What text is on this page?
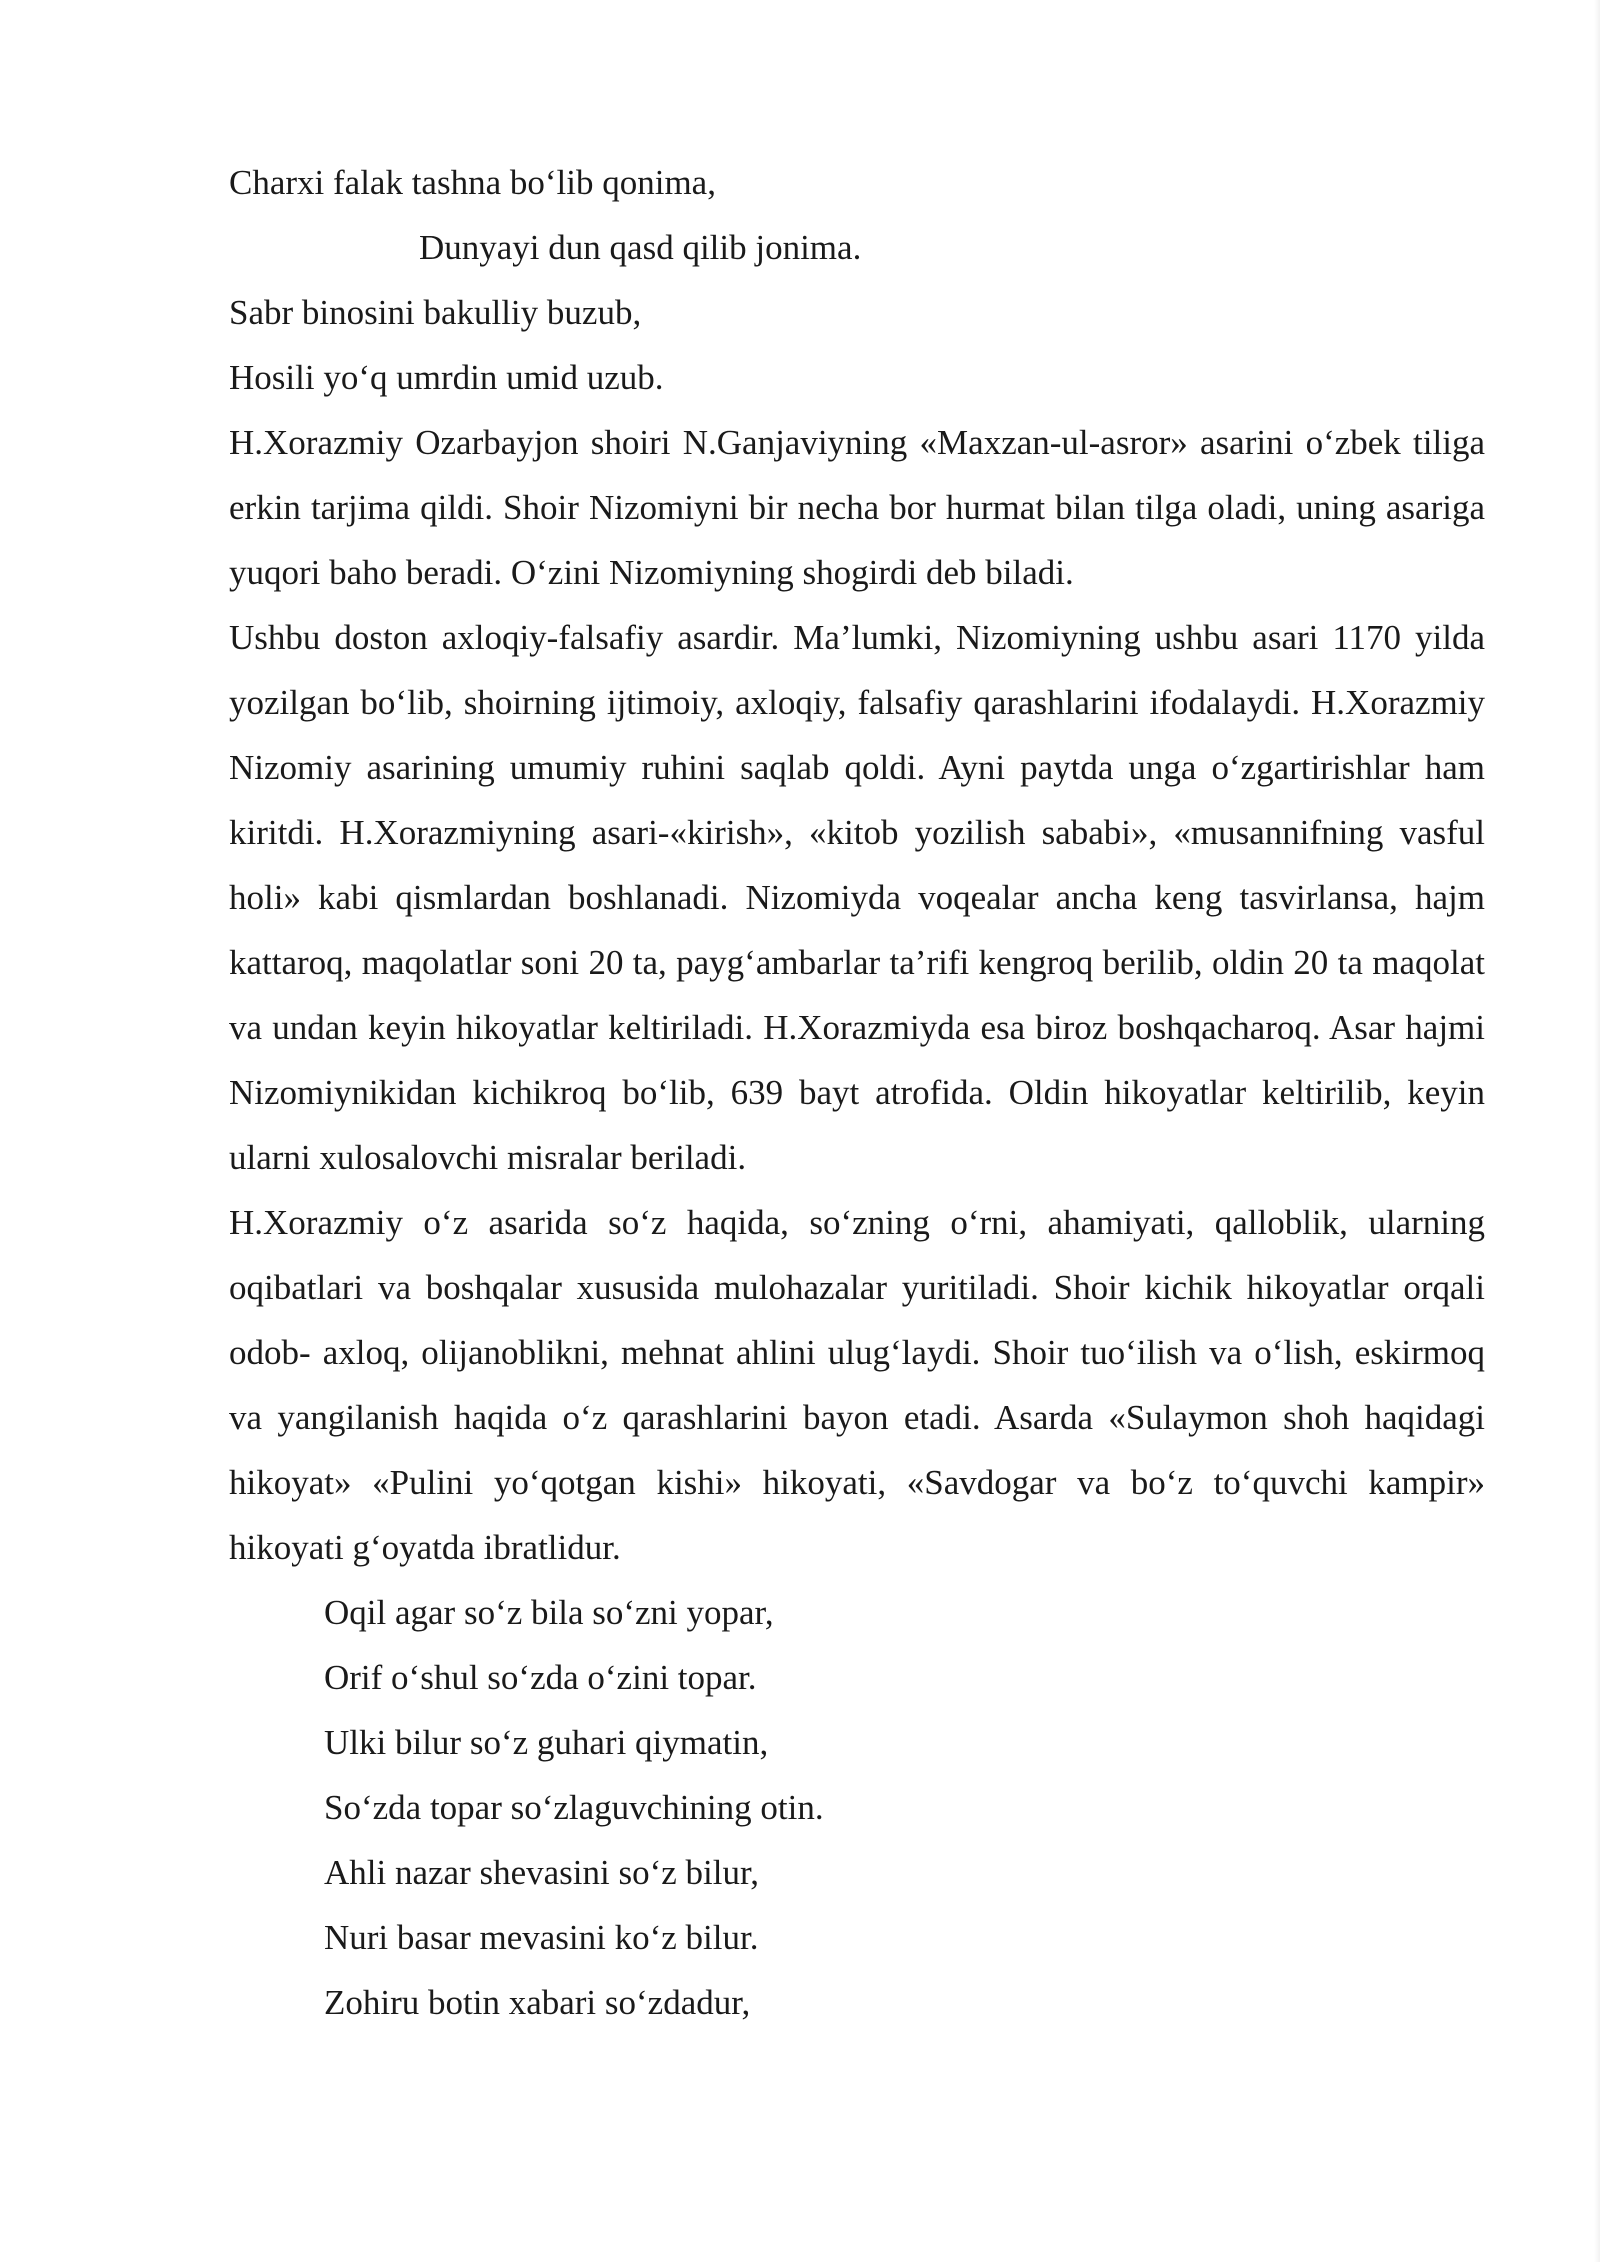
Charxi falak tashna bo‘lib qonima,

Dunyayi dun qasd qilib jonima.

Sabr binosini bakulliy buzub,

Hosili yo‘q umrdin umid uzub.

H.Xorazmiy Ozarbayjon shoiri N.Ganjaviyning «Maxzan-ul-asror» asarini o‘zbek tiliga erkin tarjima qildi. Shoir Nizomiyni bir necha bor hurmat bilan tilga oladi, uning asariga yuqori baho beradi. O‘zini Nizomiyning shogirdi deb biladi.

Ushbu doston axloqiy-falsafiy asardir. Ma’lumki, Nizomiyning ushbu asari 1170 yilda yozilgan bo‘lib, shoirning ijtimoiy, axloqiy, falsafiy qarashlarini ifodalaydi. H.Xorazmiy Nizomiy asarining umumiy ruhini saqlab qoldi. Ayni paytda unga o‘zgartirishlar ham kiritdi. H.Xorazmiyning asari-«kirish», «kitob yozilish sababi», «musannifning vasful holi» kabi qismlardan boshlanadi. Nizomiyda voqealar ancha keng tasvirlansa, hajm kattaroq, maqolatlar soni 20 ta, payg‘ambarlar ta’rifi kengroq berilib, oldin 20 ta maqolat va undan keyin hikoyatlar keltiriladi. H.Xorazmiyda esa biroz boshqacharoq. Asar hajmi Nizomiynikidan kichikroq bo‘lib, 639 bayt atrofida. Oldin hikoyatlar keltirilib, keyin ularni xulosalovchi misralar beriladi.

H.Xorazmiy o‘z asarida so‘z haqida, so‘zning o‘rni, ahamiyati, qalloblik, ularning oqibatlari va boshqalar xususida mulohazalar yuritiladi. Shoir kichik hikoyatlar orqali odob- axloq, olijanoblikni, mehnat ahlini ulug‘laydi. Shoir tuo‘ilish va o‘lish, eskirmoq va yangilanish haqida o‘z qarashlarini bayon etadi. Asarda «Sulaymon shoh haqidagi hikoyat» «Pulini yo‘qotgan kishi» hikoyati, «Savdogar va bo‘z to‘quvchi kampir» hikoyati g‘oyatda ibratlidur.

Oqil agar so‘z bila so‘zni yopar,

Orif o‘shul so‘zda o‘zini topar.

Ulki bilur so‘z guhari qiymatin,

So‘zda topar so‘zlaguvchining otin.

Ahli nazar shevasini so‘z bilur,

Nuri basar mevasini ko‘z bilur.

Zohiru botin xabari so‘zdadur,
